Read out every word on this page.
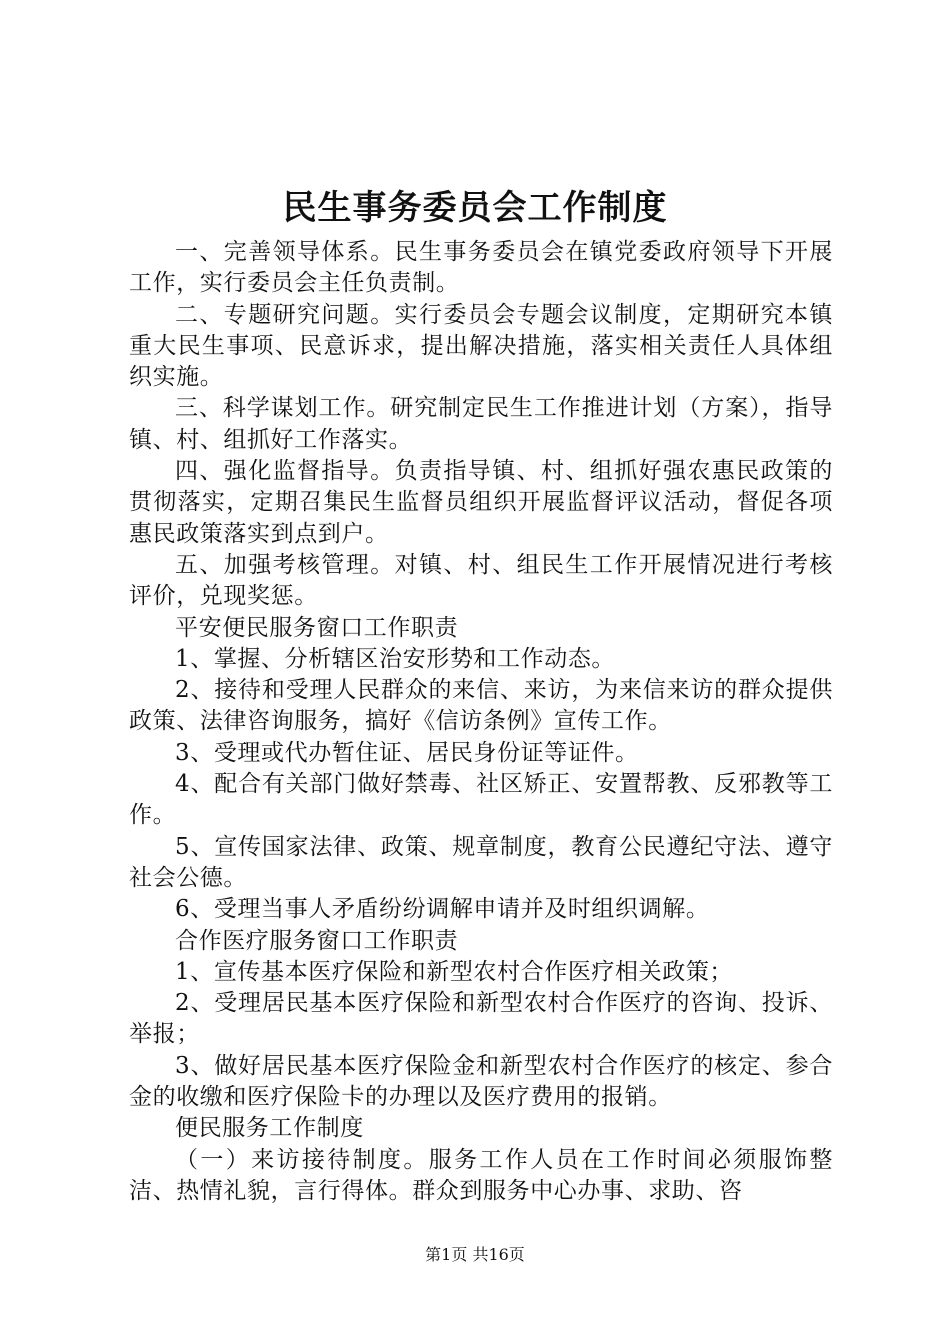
民生事务委员会工作制度

一、完善领导体系。民生事务委员会在镇党委政府领导下开展工作，实行委员会主任负责制。

二、专题研究问题。实行委员会专题会议制度，定期研究本镇重大民生事项、民意诉求，提出解决措施，落实相关责任人具体组织实施。

三、科学谋划工作。研究制定民生工作推进计划（方案），指导镇、村、组抓好工作落实。

四、强化监督指导。负责指导镇、村、组抓好强农惠民政策的贯彻落实，定期召集民生监督员组织开展监督评议活动，督促各项惠民政策落实到点到户。

五、加强考核管理。对镇、村、组民生工作开展情况进行考核评价，兑现奖惩。

平安便民服务窗口工作职责

1、掌握、分析辖区治安形势和工作动态。

2、接待和受理人民群众的来信、来访，为来信来访的群众提供政策、法律咨询服务，搞好《信访条例》宣传工作。

3、受理或代办暂住证、居民身份证等证件。

4、配合有关部门做好禁毒、社区矫正、安置帮教、反邪教等工作。

5、宣传国家法律、政策、规章制度，教育公民遵纪守法、遵守社会公德。

6、受理当事人矛盾纷纷调解申请并及时组织调解。

合作医疗服务窗口工作职责

1、宣传基本医疗保险和新型农村合作医疗相关政策；

2、受理居民基本医疗保险和新型农村合作医疗的咨询、投诉、举报；

3、做好居民基本医疗保险金和新型农村合作医疗的核定、参合金的收缴和医疗保险卡的办理以及医疗费用的报销。

便民服务工作制度

（一）来访接待制度。服务工作人员在工作时间必须服饰整洁、热情礼貌，言行得体。群众到服务中心办事、求助、咨

第1页 共16页
